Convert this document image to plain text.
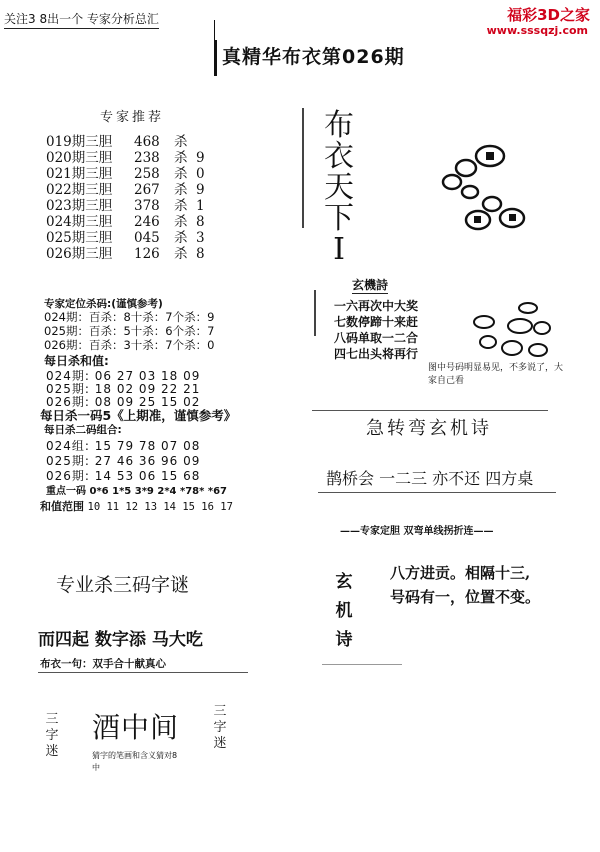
关注3 8出一个 专家分析总汇	福彩3D之家
www.sssqzj.com
真精华布衣第026期
专家推荐
019期三胆 468 杀
020期三胆 238 杀 9
021期三胆 258 杀 0
022期三胆 267 杀 9
023期三胆 378 杀 1
024期三胆 246 杀 8
025期三胆 045 杀 3
026期三胆 126 杀 8
专家定位杀码:(谨慎参考)
024期：百杀：8十杀：7个杀：9
025期：百杀：5十杀：6个杀：7
026期：百杀：3十杀：7个杀：0
每日杀和值:
024期: 06 27 03 18 09
025期: 18 02 09 22 21
026期: 08 09 25 15 02
每日杀一码5《上期准，谨慎参考》
每日杀二码组合:
024组: 15 79 78 07 08
025期: 27 46 36 96 09
026期: 14 53 06 15 68
重点一码 0*6 1*5 3*9 2*4 *78* *67
和值范围 10 11 12 13 14 15 16 17
专业杀三码字谜
而四起 数字添 马大吃
布衣一句：双手合十献真心
三字迷
酒中间
猜字的笔画和含义猜对8中
三字迷
布衣天下I
玄機詩
一六再次中大奖
七数停蹄十来赶
八码单取一二合
四七出头将再行
图中号码明显易见，不多说了，大家自己看
急转弯玄机诗
鹊桥会 一二三 亦不还 四方桌
——专家定胆 双弯单线拐折连——
玄机诗
八方进贡。相隔十三,
号码有一，位置不变。
